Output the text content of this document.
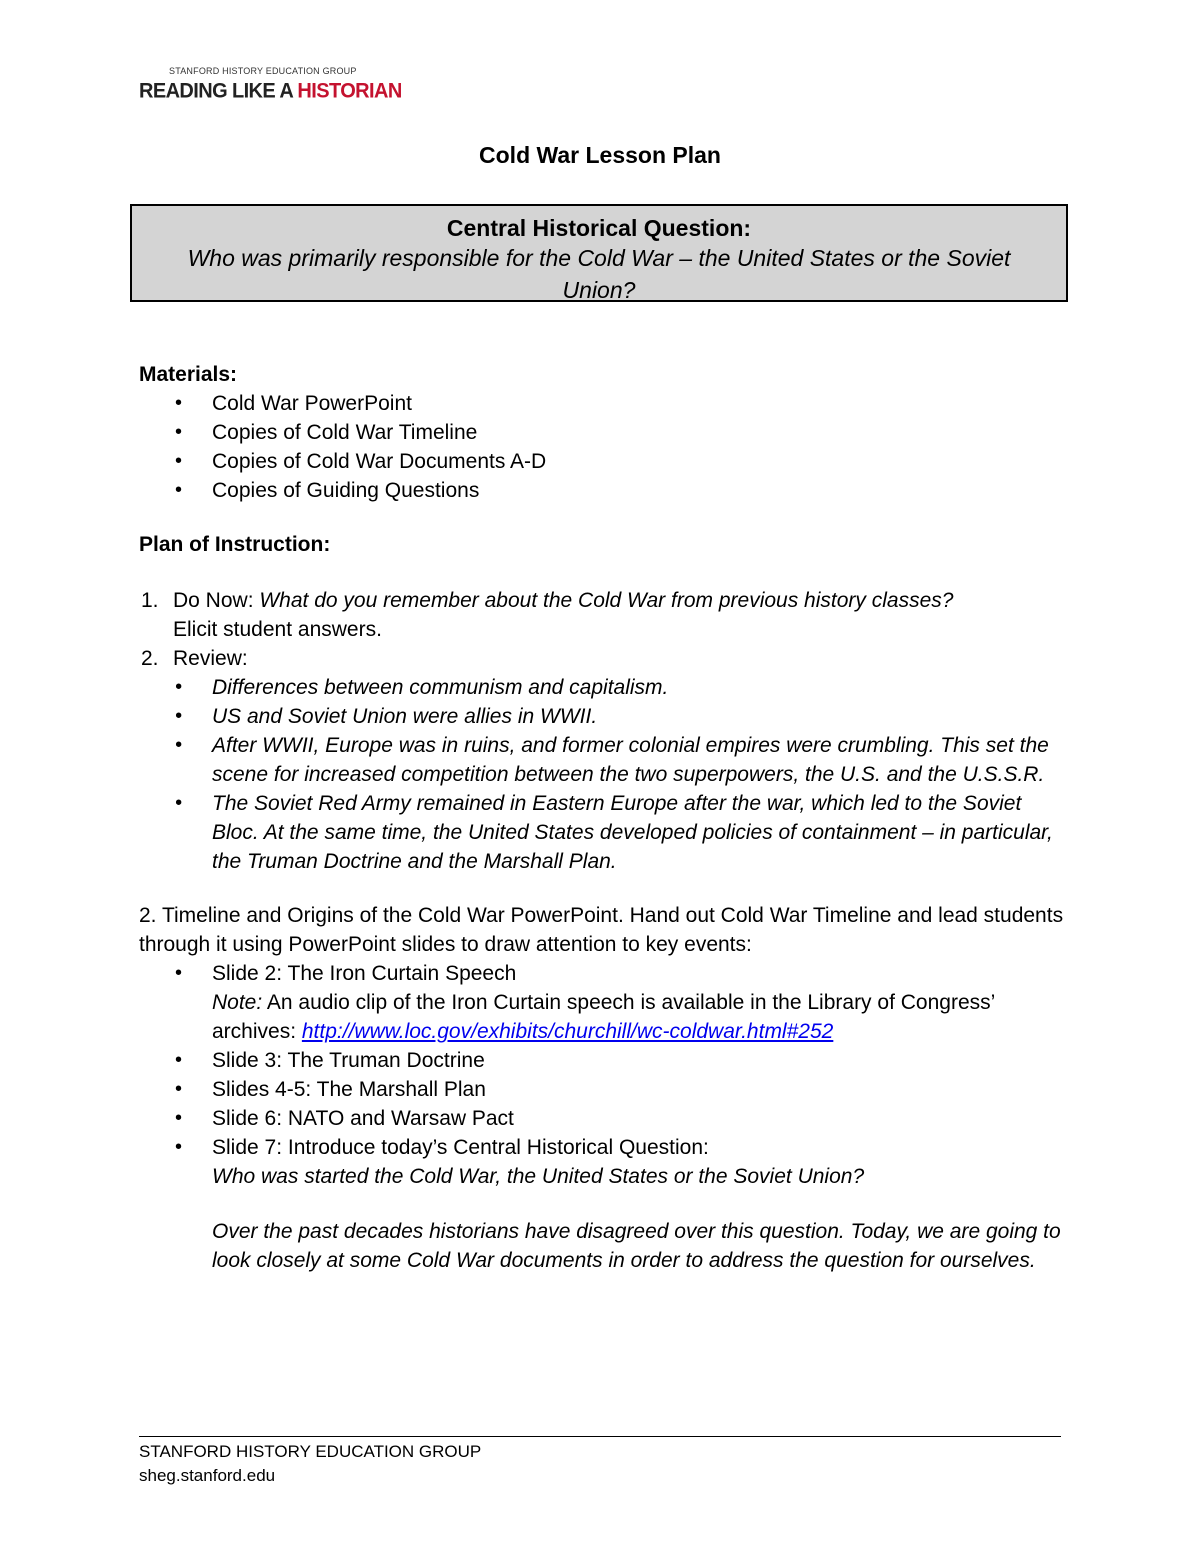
STANFORD HISTORY EDUCATION GROUP
READING LIKE A HISTORIAN
Cold War Lesson Plan
Central Historical Question:
Who was primarily responsible for the Cold War – the United States or the Soviet Union?
Materials:
• Cold War PowerPoint
• Copies of Cold War Timeline
• Copies of Cold War Documents A-D
• Copies of Guiding Questions
Plan of Instruction:
1. Do Now: What do you remember about the Cold War from previous history classes?
Elicit student answers.
2. Review:
• Differences between communism and capitalism.
• US and Soviet Union were allies in WWII.
• After WWII, Europe was in ruins, and former colonial empires were crumbling. This set the scene for increased competition between the two superpowers, the U.S. and the U.S.S.R.
• The Soviet Red Army remained in Eastern Europe after the war, which led to the Soviet Bloc. At the same time, the United States developed policies of containment – in particular, the Truman Doctrine and the Marshall Plan.
2. Timeline and Origins of the Cold War PowerPoint. Hand out Cold War Timeline and lead students through it using PowerPoint slides to draw attention to key events:
• Slide 2: The Iron Curtain Speech
Note: An audio clip of the Iron Curtain speech is available in the Library of Congress’ archives: http://www.loc.gov/exhibits/churchill/wc-coldwar.html#252
• Slide 3: The Truman Doctrine
• Slides 4-5: The Marshall Plan
• Slide 6: NATO and Warsaw Pact
• Slide 7: Introduce today’s Central Historical Question:
Who was started the Cold War, the United States or the Soviet Union?
Over the past decades historians have disagreed over this question. Today, we are going to look closely at some Cold War documents in order to address the question for ourselves.
STANFORD HISTORY EDUCATION GROUP
sheg.stanford.edu
